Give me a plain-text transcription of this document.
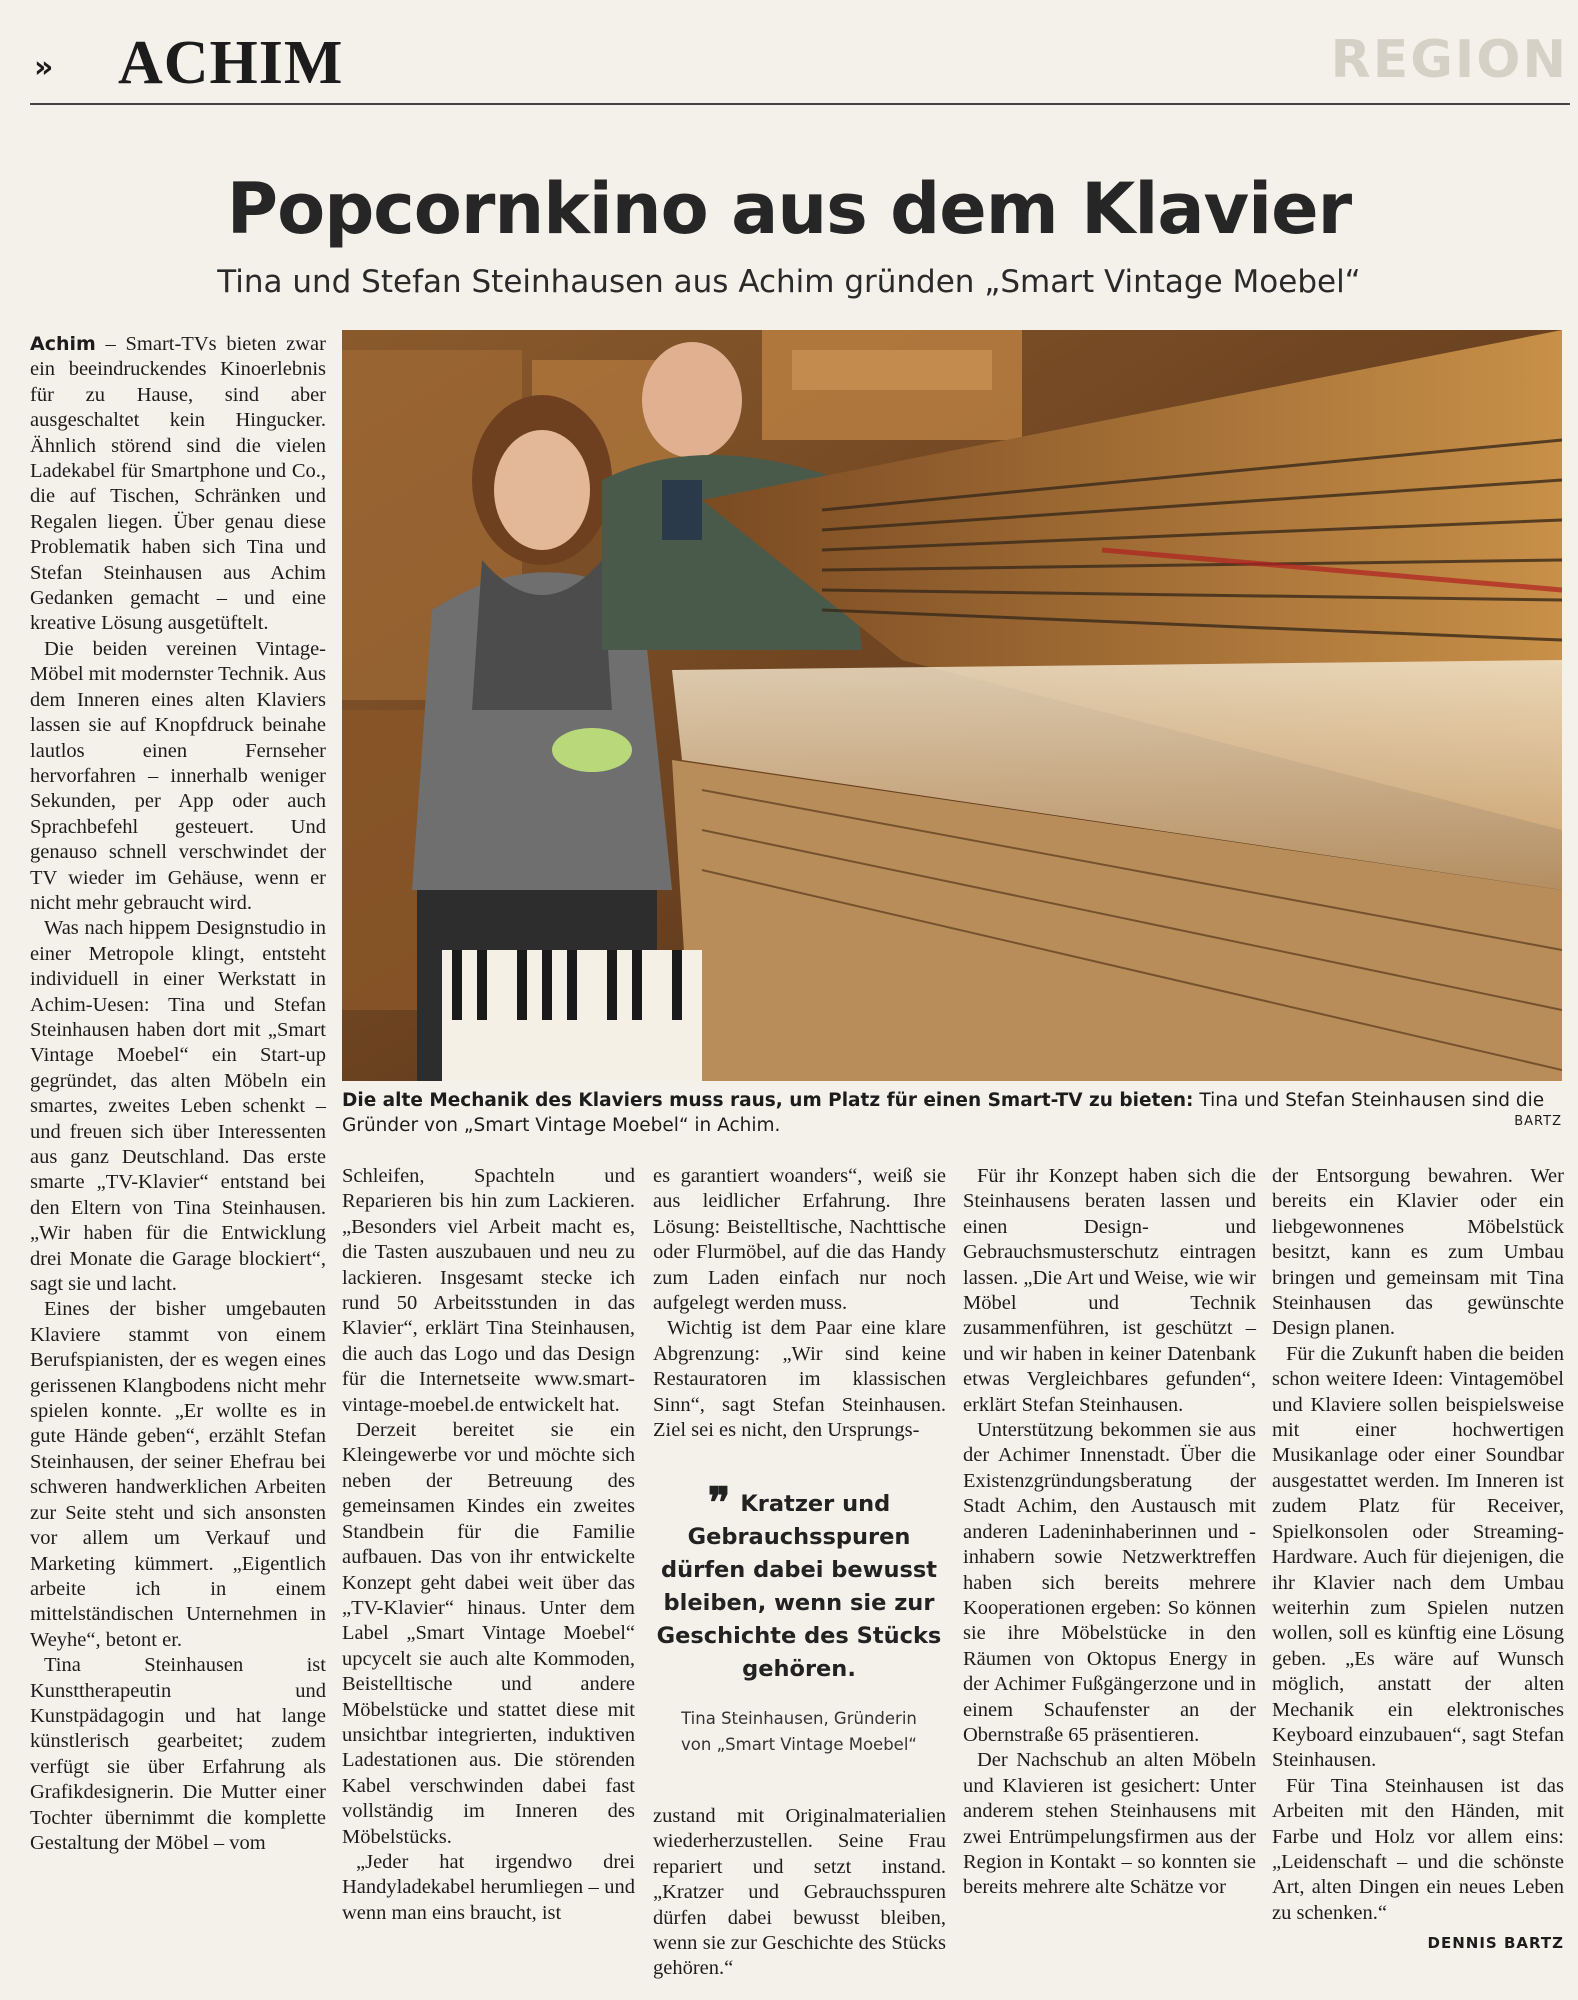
REGION
» ACHIM
Popcornkino aus dem Klavier
Tina und Stefan Steinhausen aus Achim gründen „Smart Vintage Moebel“

Achim – Smart-TVs bieten zwar ein beeindruckendes Kinoerlebnis für zu Hause, sind aber ausgeschaltet kein Hingucker. Ähnlich störend sind die vielen Ladekabel für Smartphone und Co., die auf Tischen, Schränken und Regalen liegen. Über genau diese Problematik haben sich Tina und Stefan Steinhausen aus Achim Gedanken gemacht – und eine kreative Lösung ausgetüftelt.

Die beiden vereinen Vintage-Möbel mit modernster Technik. Aus dem Inneren eines alten Klaviers lassen sie auf Knopfdruck beinahe lautlos einen Fernseher hervorfahren – innerhalb weniger Sekunden, per App oder auch Sprachbefehl gesteuert. Und genauso schnell verschwindet der TV wieder im Gehäuse, wenn er nicht mehr gebraucht wird.

Was nach hippem Designstudio in einer Metropole klingt, entsteht individuell in einer Werkstatt in Achim-Uesen: Tina und Stefan Steinhausen haben dort mit „Smart Vintage Moebel“ ein Start-up gegründet, das alten Möbeln ein smartes, zweites Leben schenkt – und freuen sich über Interessenten aus ganz Deutschland. Das erste smarte „TV-Klavier“ entstand bei den Eltern von Tina Steinhausen. „Wir haben für die Entwicklung drei Monate die Garage blockiert“, sagt sie und lacht.

Eines der bisher umgebauten Klaviere stammt von einem Berufspianisten, der es wegen eines gerissenen Klangbodens nicht mehr spielen konnte. „Er wollte es in gute Hände geben“, erzählt Stefan Steinhausen, der seiner Ehefrau bei schweren handwerklichen Arbeiten zur Seite steht und sich ansonsten vor allem um Verkauf und Marketing kümmert. „Eigentlich arbeite ich in einem mittelständischen Unternehmen in Weyhe“, betont er.

Tina Steinhausen ist Kunsttherapeutin und Kunstpädagogin und hat lange künstlerisch gearbeitet; zudem verfügt sie über Erfahrung als Grafikdesignerin. Die Mutter einer Tochter übernimmt die komplette Gestaltung der Möbel – vom

Die alte Mechanik des Klaviers muss raus, um Platz für einen Smart-TV zu bieten: Tina und Stefan Steinhausen sind die Gründer von „Smart Vintage Moebel“ in Achim.	BARTZ

Schleifen, Spachteln und Reparieren bis hin zum Lackieren. „Besonders viel Arbeit macht es, die Tasten auszubauen und neu zu lackieren. Insgesamt stecke ich rund 50 Arbeitsstunden in das Klavier“, erklärt Tina Steinhausen, die auch das Logo und das Design für die Internetseite www.smart-vintage-moebel.de entwickelt hat.

Derzeit bereitet sie ein Kleingewerbe vor und möchte sich neben der Betreuung des gemeinsamen Kindes ein zweites Standbein für die Familie aufbauen. Das von ihr entwickelte Konzept geht dabei weit über das „TV-Klavier“ hinaus. Unter dem Label „Smart Vintage Moebel“ upcycelt sie auch alte Kommoden, Beistelltische und andere Möbelstücke und stattet diese mit unsichtbar integrierten, induktiven Ladestationen aus. Die störenden Kabel verschwinden dabei fast vollständig im Inneren des Möbelstücks.

„Jeder hat irgendwo drei Handyladekabel herumliegen – und wenn man eins braucht, ist

es garantiert woanders“, weiß sie aus leidlicher Erfahrung. Ihre Lösung: Beistelltische, Nachttische oder Flurmöbel, auf die das Handy zum Laden einfach nur noch aufgelegt werden muss.

Wichtig ist dem Paar eine klare Abgrenzung: „Wir sind keine Restauratoren im klassischen Sinn“, sagt Stefan Steinhausen. Ziel sei es nicht, den Ursprungs-

❞ Kratzer und Gebrauchsspuren dürfen dabei bewusst bleiben, wenn sie zur Geschichte des Stücks gehören.
Tina Steinhausen, Gründerin
von „Smart Vintage Moebel“

zustand mit Originalmaterialien wiederherzustellen. Seine Frau repariert und setzt instand. „Kratzer und Gebrauchsspuren dürfen dabei bewusst bleiben, wenn sie zur Geschichte des Stücks gehören.“

Für ihr Konzept haben sich die Steinhausens beraten lassen und einen Design- und Gebrauchsmusterschutz eintragen lassen. „Die Art und Weise, wie wir Möbel und Technik zusammenführen, ist geschützt – und wir haben in keiner Datenbank etwas Vergleichbares gefunden“, erklärt Stefan Steinhausen.

Unterstützung bekommen sie aus der Achimer Innenstadt. Über die Existenzgründungsberatung der Stadt Achim, den Austausch mit anderen Ladeninhaberinnen und -inhabern sowie Netzwerktreffen haben sich bereits mehrere Kooperationen ergeben: So können sie ihre Möbelstücke in den Räumen von Oktopus Energy in der Achimer Fußgängerzone und in einem Schaufenster an der Obernstraße 65 präsentieren.

Der Nachschub an alten Möbeln und Klavieren ist gesichert: Unter anderem stehen Steinhausens mit zwei Entrümpelungsfirmen aus der Region in Kontakt – so konnten sie bereits mehrere alte Schätze vor

der Entsorgung bewahren. Wer bereits ein Klavier oder ein liebgewonnenes Möbelstück besitzt, kann es zum Umbau bringen und gemeinsam mit Tina Steinhausen das gewünschte Design planen.

Für die Zukunft haben die beiden schon weitere Ideen: Vintagemöbel und Klaviere sollen beispielsweise mit einer hochwertigen Musikanlage oder einer Soundbar ausgestattet werden. Im Inneren ist zudem Platz für Receiver, Spielkonsolen oder Streaming-Hardware. Auch für diejenigen, die ihr Klavier nach dem Umbau weiterhin zum Spielen nutzen wollen, soll es künftig eine Lösung geben. „Es wäre auf Wunsch möglich, anstatt der alten Mechanik ein elektronisches Keyboard einzubauen“, sagt Stefan Steinhausen.

Für Tina Steinhausen ist das Arbeiten mit den Händen, mit Farbe und Holz vor allem eins: „Leidenschaft – und die schönste Art, alten Dingen ein neues Leben zu schenken.“

DENNIS BARTZ
